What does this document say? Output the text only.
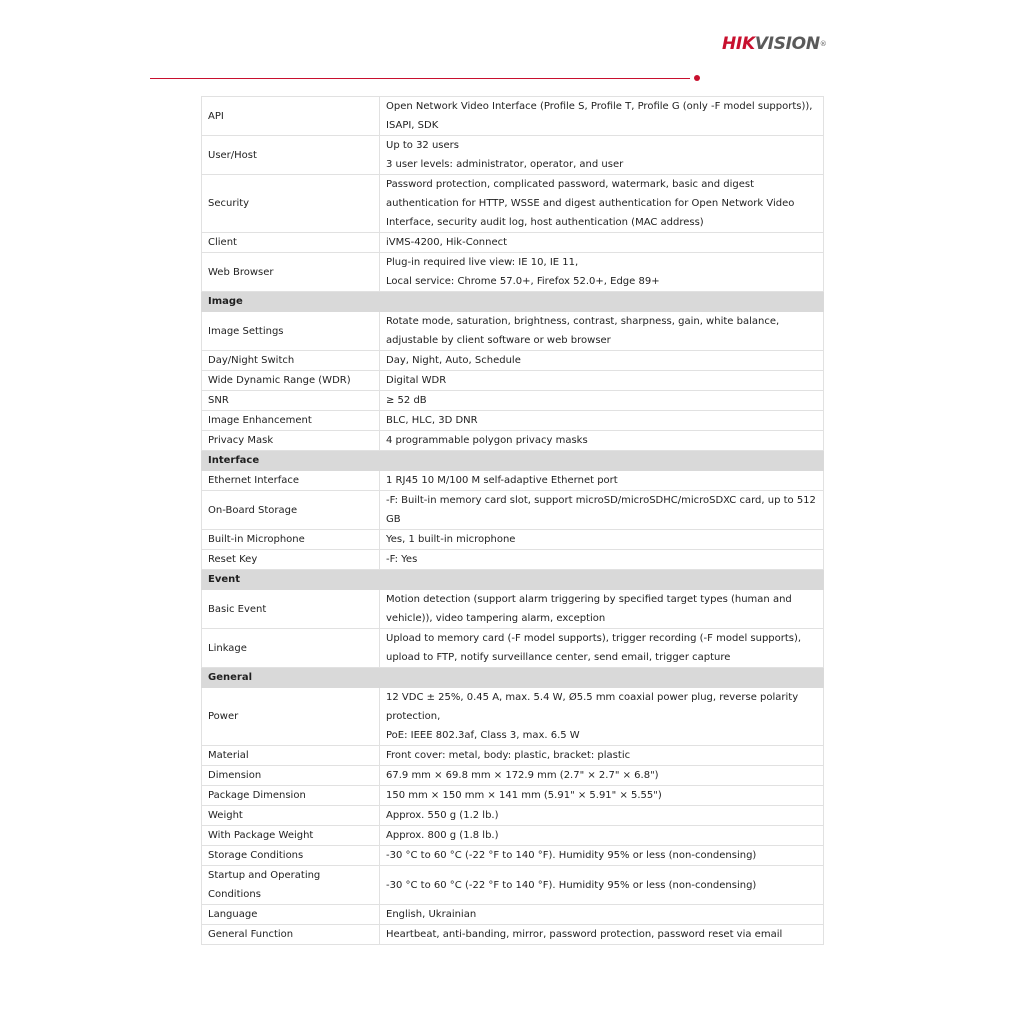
HIKVISION®
API	Open Network Video Interface (Profile S, Profile T, Profile G (only -F model supports)),
ISAPI, SDK
User/Host	Up to 32 users
3 user levels: administrator, operator, and user
Security	Password protection, complicated password, watermark, basic and digest
authentication for HTTP, WSSE and digest authentication for Open Network Video
Interface, security audit log, host authentication (MAC address)
Client	iVMS-4200, Hik-Connect
Web Browser	Plug-in required live view: IE 10, IE 11,
Local service: Chrome 57.0+, Firefox 52.0+, Edge 89+
Image	
Image Settings	Rotate mode, saturation, brightness, contrast, sharpness, gain, white balance,
adjustable by client software or web browser
Day/Night Switch	Day, Night, Auto, Schedule
Wide Dynamic Range (WDR)	Digital WDR
SNR	≥ 52 dB
Image Enhancement	BLC, HLC, 3D DNR
Privacy Mask	4 programmable polygon privacy masks
Interface	
Ethernet Interface	1 RJ45 10 M/100 M self-adaptive Ethernet port
On-Board Storage	-F: Built-in memory card slot, support microSD/microSDHC/microSDXC card, up to 512
GB
Built-in Microphone	Yes, 1 built-in microphone
Reset Key	-F: Yes
Event	
Basic Event	Motion detection (support alarm triggering by specified target types (human and
vehicle)), video tampering alarm, exception
Linkage	Upload to memory card (-F model supports), trigger recording (-F model supports),
upload to FTP, notify surveillance center, send email, trigger capture
General	
Power	12 VDC ± 25%, 0.45 A, max. 5.4 W, Ø5.5 mm coaxial power plug, reverse polarity
protection,
PoE: IEEE 802.3af, Class 3, max. 6.5 W
Material	Front cover: metal, body: plastic, bracket: plastic
Dimension	67.9 mm × 69.8 mm × 172.9 mm (2.7" × 2.7" × 6.8")
Package Dimension	150 mm × 150 mm × 141 mm (5.91" × 5.91" × 5.55")
Weight	Approx. 550 g (1.2 lb.)
With Package Weight	Approx. 800 g (1.8 lb.)
Storage Conditions	-30 °C to 60 °C (-22 °F to 140 °F). Humidity 95% or less (non-condensing)
Startup and Operating
Conditions	-30 °C to 60 °C (-22 °F to 140 °F). Humidity 95% or less (non-condensing)
Language	English, Ukrainian
General Function	Heartbeat, anti-banding, mirror, password protection, password reset via email
